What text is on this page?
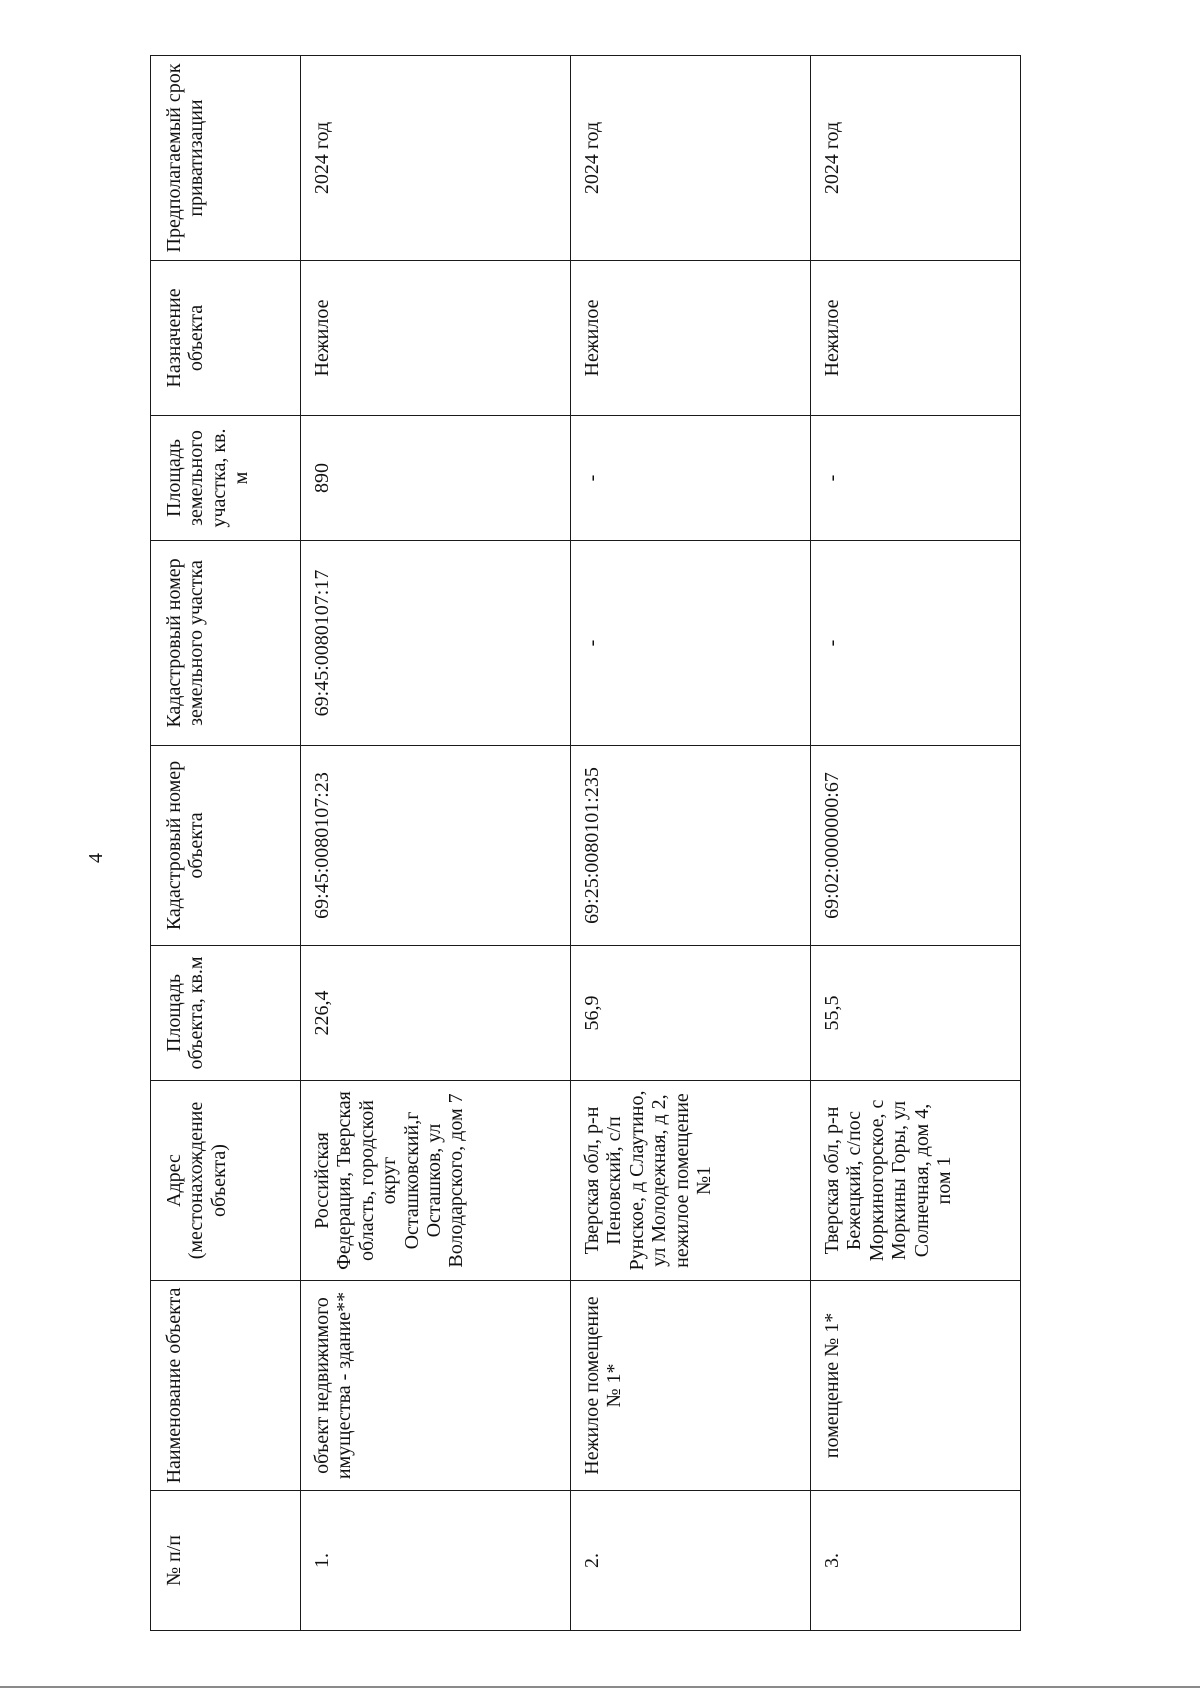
4
№ п/п	Наименование объекта	Адрес (местонахождение объекта)	Площадь объекта, кв.м	Кадастровый номер объекта	Кадастровый номер земельного участка	Площадь земельного участка, кв. м	Назначение объекта	Предполагаемый срок приватизации
1.	объект недвижимого имущества - здание**	Российская Федерация, Тверская область, городской округ Осташковский,г Осташков, ул Володарского, дом 7	226,4	69:45:0080107:23	69:45:0080107:17	890	Нежилое	2024 год
2.	Нежилое помещение № 1*	Тверская обл, р-н Пеновский, с/п Рунское, д Слаутино, ул Молодежная, д 2, нежилое помещение №1	56,9	69:25:0080101:235	-	-	Нежилое	2024 год
3.	помещение № 1*	Тверская обл, р-н Бежецкий, с/пос Моркиногорское, с Моркины Горы, ул Солнечная, дом 4, пом 1	55,5	69:02:0000000:67	-	-	Нежилое	2024 год
